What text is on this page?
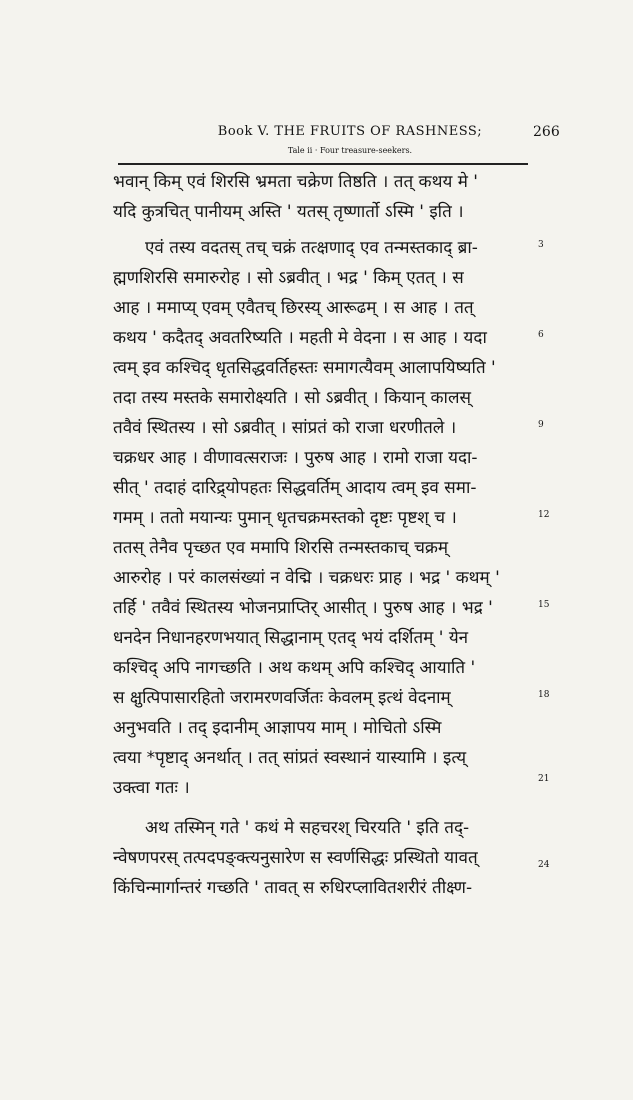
Book V. THE FRUITS OF RASHNESS;	266
Tale ii · Four treasure-seekers.
भवान् किम् एवं शिरसि भ्रमता चक्रेण तिष्ठति । तत् कथय मे '
यदि कुत्रचित् पानीयम् अस्ति ' यतस् तृष्णार्तो ऽस्मि ' इति ।
एवं तस्य वदतस् तच् चक्रं तत्क्षणाद् एव तन्मस्तकाद् ब्रा-
ह्मणशिरसि समारुरोह । सो ऽब्रवीत् । भद्र ' किम् एतत् । स
आह । ममाप्य् एवम् एवैतच् छिरस्य् आरूढम् । स आह । तत्
कथय ' कदैतद् अवतरिष्यति । महती मे वेदना । स आह । यदा
त्वम् इव कश्चिद् धृतसिद्धवर्तिहस्तः समागत्यैवम् आलापयिष्यति '
तदा तस्य मस्तके समारोक्ष्यति । सो ऽब्रवीत् । कियान् कालस्
तवैवं स्थितस्य । सो ऽब्रवीत् । सांप्रतं को राजा धरणीतले ।
चक्रधर आह । वीणावत्सराजः । पुरुष आह । रामो राजा यदा-
सीत् ' तदाहं दारिद्र्योपहतः सिद्धवर्तिम् आदाय त्वम् इव समा-
गमम् । ततो मयान्यः पुमान् धृतचक्रमस्तको दृष्टः पृष्टश् च ।
ततस् तेनैव पृच्छत एव ममापि शिरसि तन्मस्तकाच् चक्रम्
आरुरोह । परं कालसंख्यां न वेद्मि । चक्रधरः प्राह । भद्र ' कथम् '
तर्हि ' तवैवं स्थितस्य भोजनप्राप्तिर् आसीत् । पुरुष आह । भद्र '
धनदेन निधानहरणभयात् सिद्धानाम् एतद् भयं दर्शितम् ' येन
कश्चिद् अपि नागच्छति । अथ कथम् अपि कश्चिद् आयाति '
स क्षुत्पिपासारहितो जरामरणवर्जितः केवलम् इत्थं वेदनाम्
अनुभवति । तद् इदानीम् आज्ञापय माम् । मोचितो ऽस्मि
त्वया *पृष्टाद् अनर्थात् । तत् सांप्रतं स्वस्थानं यास्यामि । इत्य्
उक्त्वा गतः ।
अथ तस्मिन् गते ' कथं मे सहचरश् चिरयति ' इति तद्-
न्वेषणपरस् तत्पदपङ्क्त्यनुसारेण स स्वर्णसिद्धः प्रस्थितो यावत्
किंचिन्मार्गान्तरं गच्छति ' तावत् स रुधिरप्लावितशरीरं तीक्ष्ण-
3
6
9
12
15
18
21
24
